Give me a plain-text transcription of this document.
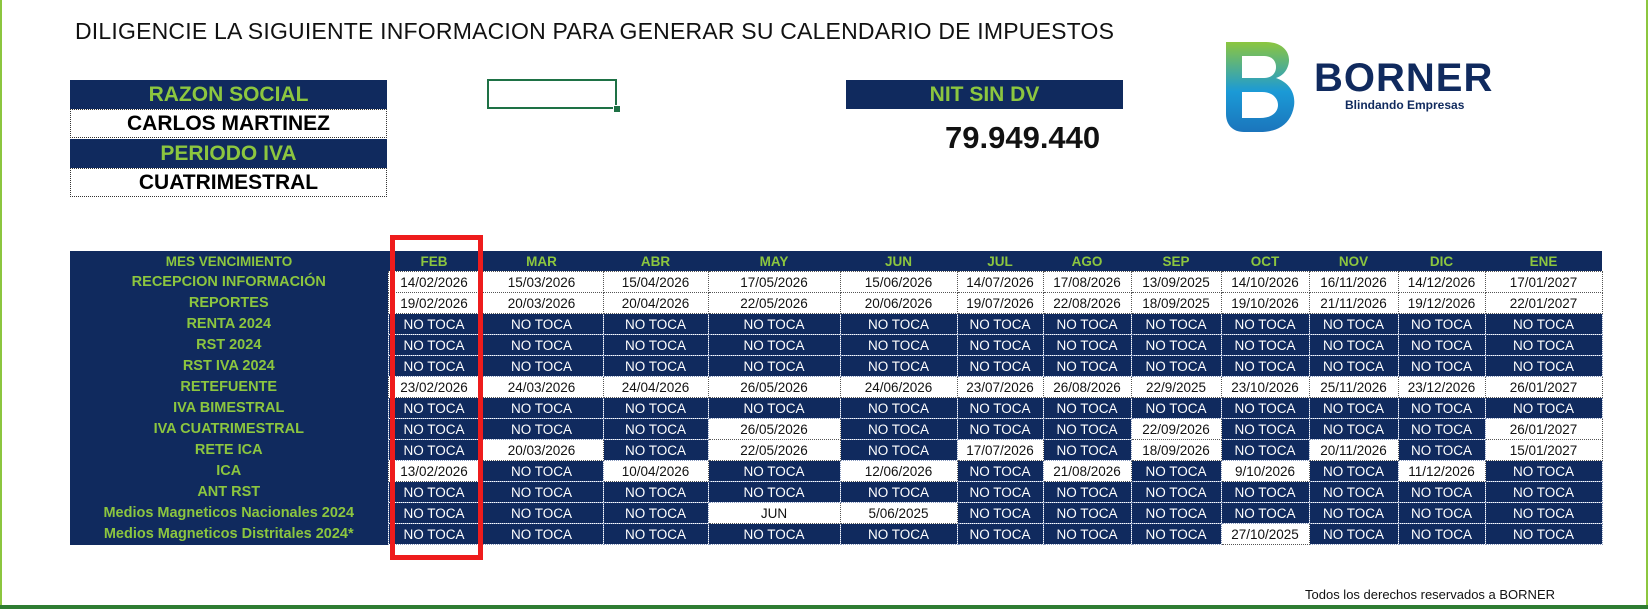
DILIGENCIE LA SIGUIENTE INFORMACION PARA GENERAR SU CALENDARIO DE IMPUESTOS
RAZON SOCIAL
CARLOS MARTINEZ
PERIODO IVA
CUATRIMESTRAL
NIT SIN DV
79.949.440
BORNER
Blindando Empresas
MES VENCIMIENTO	FEB	MAR	ABR	MAY	JUN	JUL	AGO	SEP	OCT	NOV	DIC	ENE
RECEPCION INFORMACIÓN	14/02/2026	15/03/2026	15/04/2026	17/05/2026	15/06/2026	14/07/2026	17/08/2026	13/09/2025	14/10/2026	16/11/2026	14/12/2026	17/01/2027
REPORTES	19/02/2026	20/03/2026	20/04/2026	22/05/2026	20/06/2026	19/07/2026	22/08/2026	18/09/2025	19/10/2026	21/11/2026	19/12/2026	22/01/2027
RENTA 2024	NO TOCA	NO TOCA	NO TOCA	NO TOCA	NO TOCA	NO TOCA	NO TOCA	NO TOCA	NO TOCA	NO TOCA	NO TOCA	NO TOCA
RST 2024	NO TOCA	NO TOCA	NO TOCA	NO TOCA	NO TOCA	NO TOCA	NO TOCA	NO TOCA	NO TOCA	NO TOCA	NO TOCA	NO TOCA
RST IVA 2024	NO TOCA	NO TOCA	NO TOCA	NO TOCA	NO TOCA	NO TOCA	NO TOCA	NO TOCA	NO TOCA	NO TOCA	NO TOCA	NO TOCA
RETEFUENTE	23/02/2026	24/03/2026	24/04/2026	26/05/2026	24/06/2026	23/07/2026	26/08/2026	22/9/2025	23/10/2026	25/11/2026	23/12/2026	26/01/2027
IVA BIMESTRAL	NO TOCA	NO TOCA	NO TOCA	NO TOCA	NO TOCA	NO TOCA	NO TOCA	NO TOCA	NO TOCA	NO TOCA	NO TOCA	NO TOCA
IVA CUATRIMESTRAL	NO TOCA	NO TOCA	NO TOCA	26/05/2026	NO TOCA	NO TOCA	NO TOCA	22/09/2026	NO TOCA	NO TOCA	NO TOCA	26/01/2027
RETE ICA	NO TOCA	20/03/2026	NO TOCA	22/05/2026	NO TOCA	17/07/2026	NO TOCA	18/09/2026	NO TOCA	20/11/2026	NO TOCA	15/01/2027
ICA	13/02/2026	NO TOCA	10/04/2026	NO TOCA	12/06/2026	NO TOCA	21/08/2026	NO TOCA	9/10/2026	NO TOCA	11/12/2026	NO TOCA
ANT RST	NO TOCA	NO TOCA	NO TOCA	NO TOCA	NO TOCA	NO TOCA	NO TOCA	NO TOCA	NO TOCA	NO TOCA	NO TOCA	NO TOCA
Medios Magneticos Nacionales 2024	NO TOCA	NO TOCA	NO TOCA	JUN	5/06/2025	NO TOCA	NO TOCA	NO TOCA	NO TOCA	NO TOCA	NO TOCA	NO TOCA
Medios Magneticos Distritales 2024*	NO TOCA	NO TOCA	NO TOCA	NO TOCA	NO TOCA	NO TOCA	NO TOCA	NO TOCA	27/10/2025	NO TOCA	NO TOCA	NO TOCA
Todos los derechos reservados a BORNER
